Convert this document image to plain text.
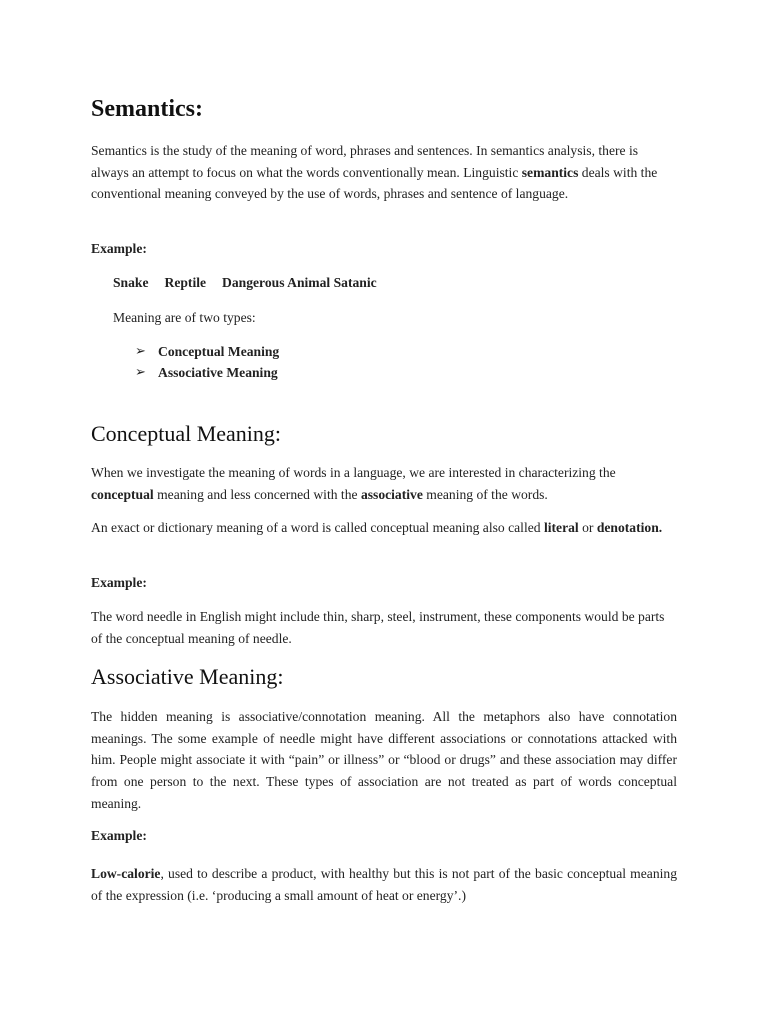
Semantics:

Semantics is the study of the meaning of word, phrases and sentences. In semantics analysis, there is always an attempt to focus on what the words conventionally mean. Linguistic semantics deals with the conventional meaning conveyed by the use of words, phrases and sentence of language.

Example:

Snake Reptile Dangerous Animal Satanic

Meaning are of two types:

➢ Conceptual Meaning
➢ Associative Meaning
Conceptual Meaning:

When we investigate the meaning of words in a language, we are interested in characterizing the conceptual meaning and less concerned with the associative meaning of the words.

An exact or dictionary meaning of a word is called conceptual meaning also called literal or denotation.

Example:

The word needle in English might include thin, sharp, steel, instrument, these components would be parts of the conceptual meaning of needle.

Associative Meaning:

The hidden meaning is associative/connotation meaning. All the metaphors also have connotation meanings. The some example of needle might have different associations or connotations attacked with him. People might associate it with “pain” or illness” or “blood or drugs” and these association may differ from one person to the next. These types of association are not treated as part of words conceptual meaning.

Example:

Low-calorie, used to describe a product, with healthy but this is not part of the basic conceptual meaning of the expression (i.e. ‘producing a small amount of heat or energy’.)
